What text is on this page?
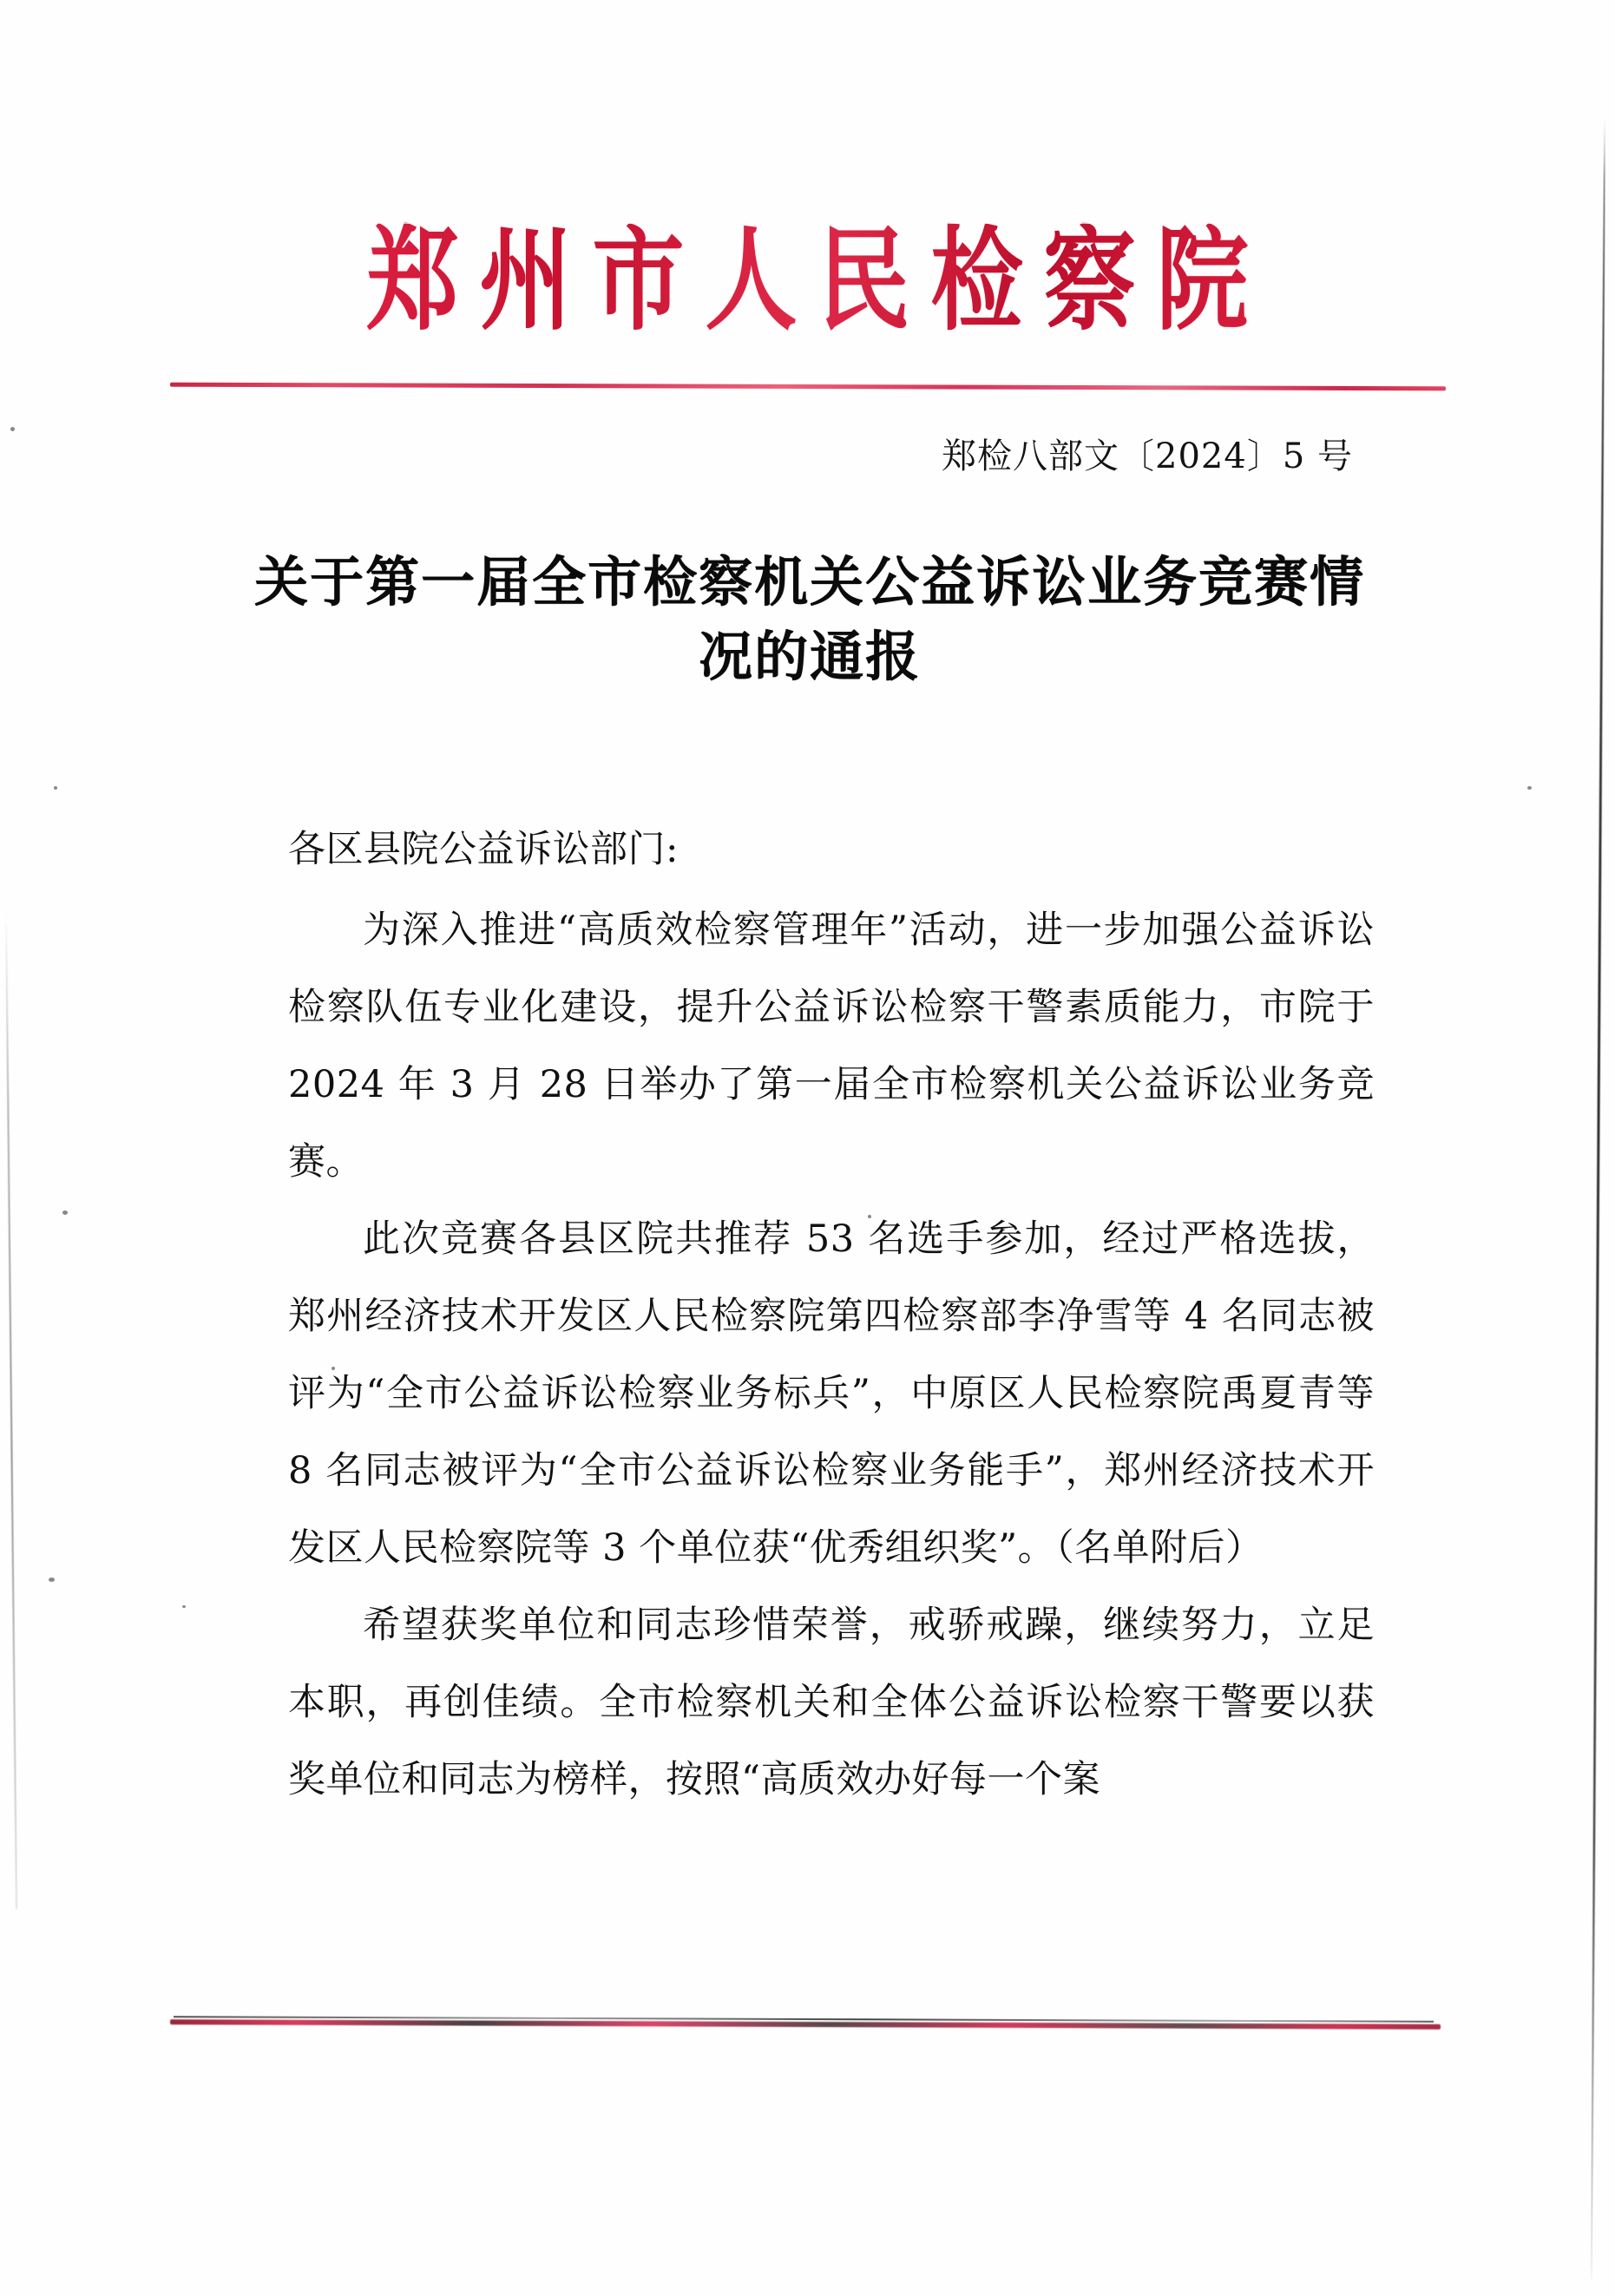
郑州市人民检察院
郑检八部文〔2024〕5 号
关于第一届全市检察机关公益诉讼业务竞赛情况的通报

各区县院公益诉讼部门:

为深入推进“高质效检察管理年”活动，进一步加强公益诉讼检察队伍专业化建设，提升公益诉讼检察干警素质能力，市院于 2024 年 3 月 28 日举办了第一届全市检察机关公益诉讼业务竞赛。

此次竞赛各县区院共推荐 53 名选手参加，经过严格选拔，郑州经济技术开发区人民检察院第四检察部李净雪等 4 名同志被评为“全市公益诉讼检察业务标兵”，中原区人民检察院禹夏青等 8 名同志被评为“全市公益诉讼检察业务能手”，郑州经济技术开发区人民检察院等 3 个单位获“优秀组织奖”。（名单附后）

希望获奖单位和同志珍惜荣誉，戒骄戒躁，继续努力，立足本职，再创佳绩。全市检察机关和全体公益诉讼检察干警要以获奖单位和同志为榜样，按照“高质效办好每一个案
